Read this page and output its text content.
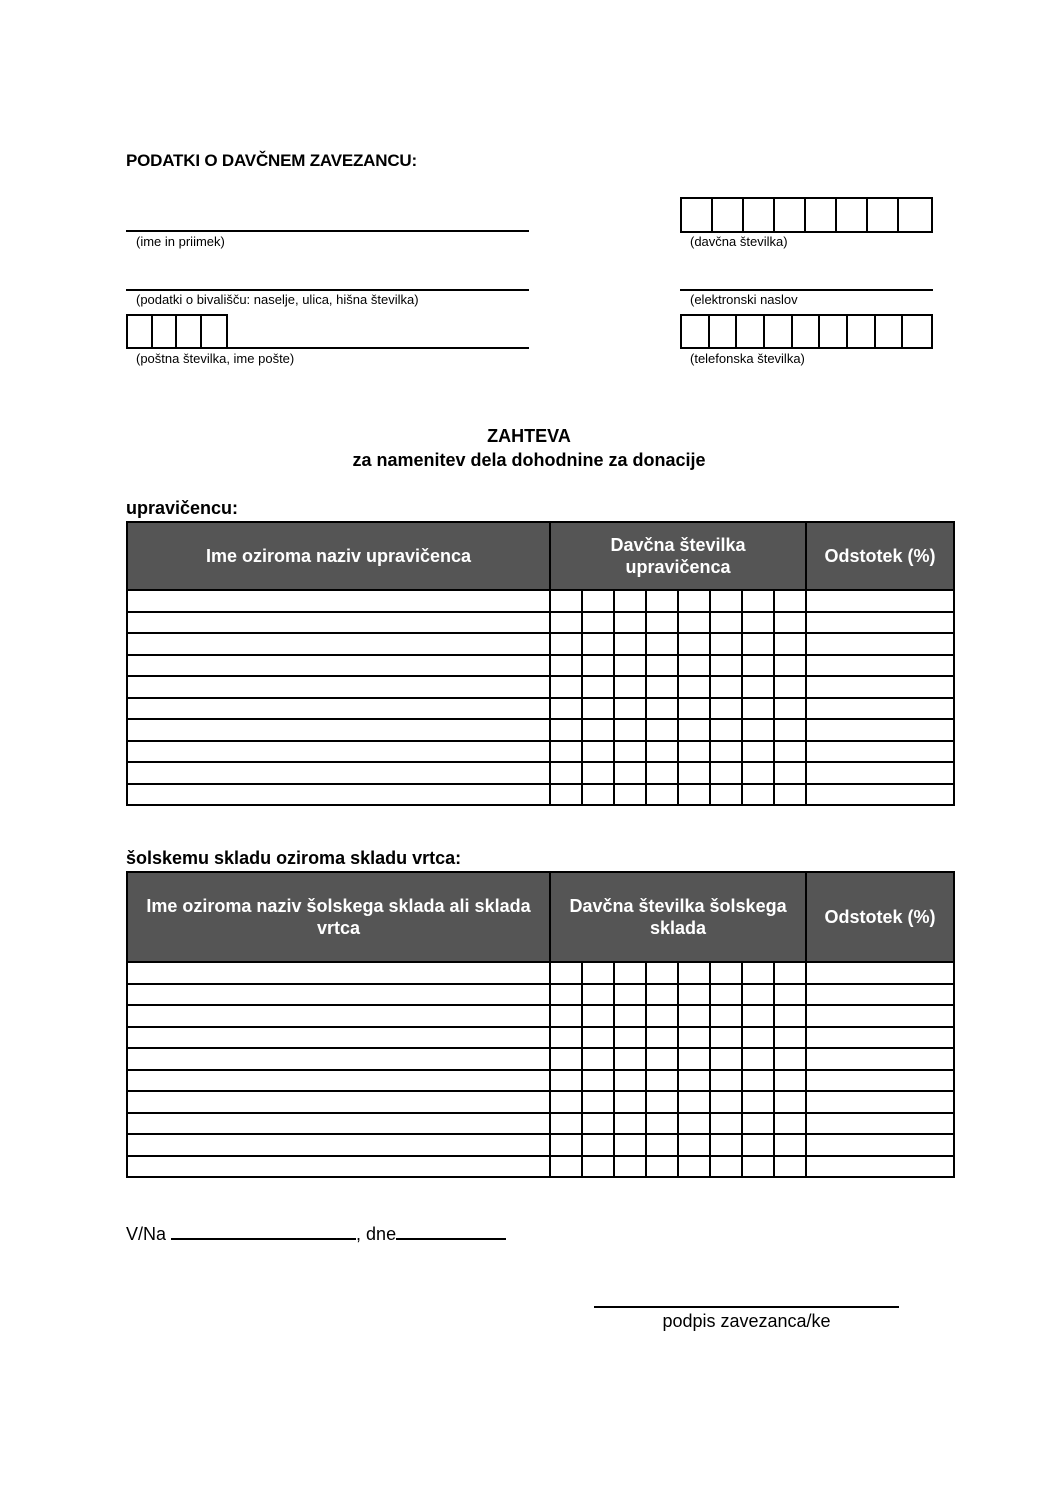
PODATKI O DAVČNEM ZAVEZANCU:
(ime in priimek)
(podatki o bivališču: naselje, ulica, hišna številka)
(poštna številka, ime pošte)
(davčna številka)
(elektronski naslov
(telefonska številka)
ZAHTEVA
za namenitev dela dohodnine za donacije
upravičencu:
Ime oziroma naziv upravičenca	Davčna številka upravičenca								Odstotek (%)

šolskemu skladu oziroma skladu vrtca:
Ime oziroma naziv šolskega sklada ali sklada vrtca	Davčna številka šolskega sklada								Odstotek (%)

V/Na	, dne
podpis zavezanca/ke
